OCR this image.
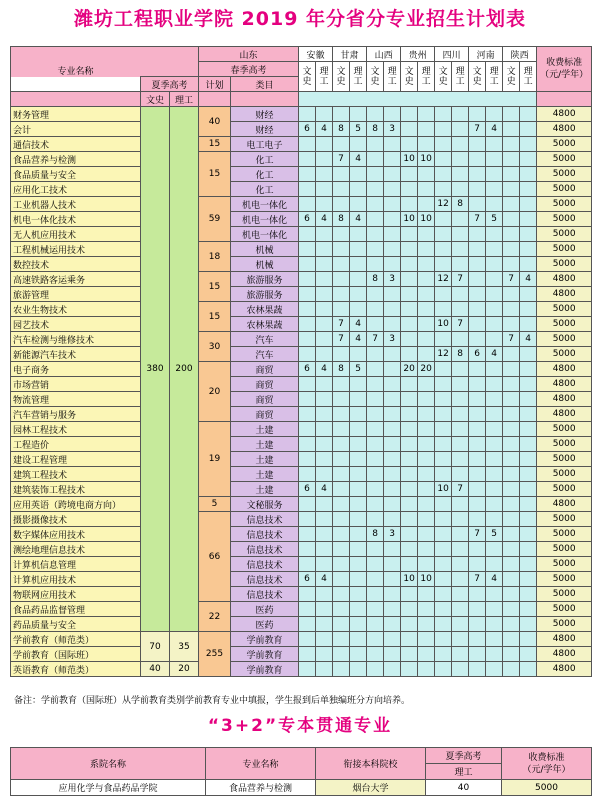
潍坊工程职业学院 2019 年分省分专业招生计划表
			山东		安徽		甘肃		山西		贵州		四川		河南		陕西		收费标准
（元/学年）
			春季高考		文史	理工	文史	理工	文史	理工	文史	理工	文史	理工	文史	理工	文史	理工	
专业名称	夏季高考		计划	类目															
	文史	理工																	
财务管理	380	200	40	财经															4800
会计				财经	6	4	8	5	8	3					7	4			4800
通信技术			15	电工电子															5000
食品营养与检测			15	化工			7	4			10	10							5000
食品质量与安全				化工															5000
应用化工技术				化工															5000
工业机器人技术			59	机电一体化									12	8					5000
机电一体化技术				机电一体化	6	4	8	4			10	10			7	5			5000
无人机应用技术				机电一体化															5000
工程机械运用技术			18	机械															5000
数控技术				机械															5000
高速铁路客运乘务			15	旅游服务					8	3			12	7			7	4	4800
旅游管理				旅游服务															4800
农业生物技术			15	农林果蔬															5000
园艺技术				农林果蔬			7	4					10	7					5000
汽车检测与维修技术			30	汽车			7	4	7	3							7	4	5000
新能源汽车技术				汽车									12	8	6	4			5000
电子商务			20	商贸	6	4	8	5			20	20							4800
市场营销				商贸															4800
物流管理				商贸															4800
汽车营销与服务				商贸															4800
园林工程技术			19	土建															5000
工程造价				土建															5000
建设工程管理				土建															5000
建筑工程技术				土建															5000
建筑装饰工程技术				土建	6	4							10	7					5000
应用英语（跨境电商方向）			5	文秘服务															4800
摄影摄像技术			66	信息技术															5000
数字媒体应用技术				信息技术					8	3					7	5			5000
测绘地理信息技术				信息技术															5000
计算机信息管理				信息技术															5000
计算机应用技术				信息技术	6	4					10	10			7	4			5000
物联网应用技术				信息技术															5000
食品药品监督管理			22	医药															5000
药品质量与安全				医药															5000
学前教育（师范类）	70	35	255	学前教育															4800
学前教育（国际班）				学前教育															4800
英语教育（师范类）	40	20		学前教育															4800
备注：学前教育（国际班）从学前教育类别学前教育专业中填报，学生报到后单独编班分方向培养。
“3+2”专本贯通专业
系院名称	专业名称	衔接本科院校	夏季高考	收费标准
（元/学年）
			理工	
应用化学与食品药品学院	食品营养与检测	烟台大学	40	5000
